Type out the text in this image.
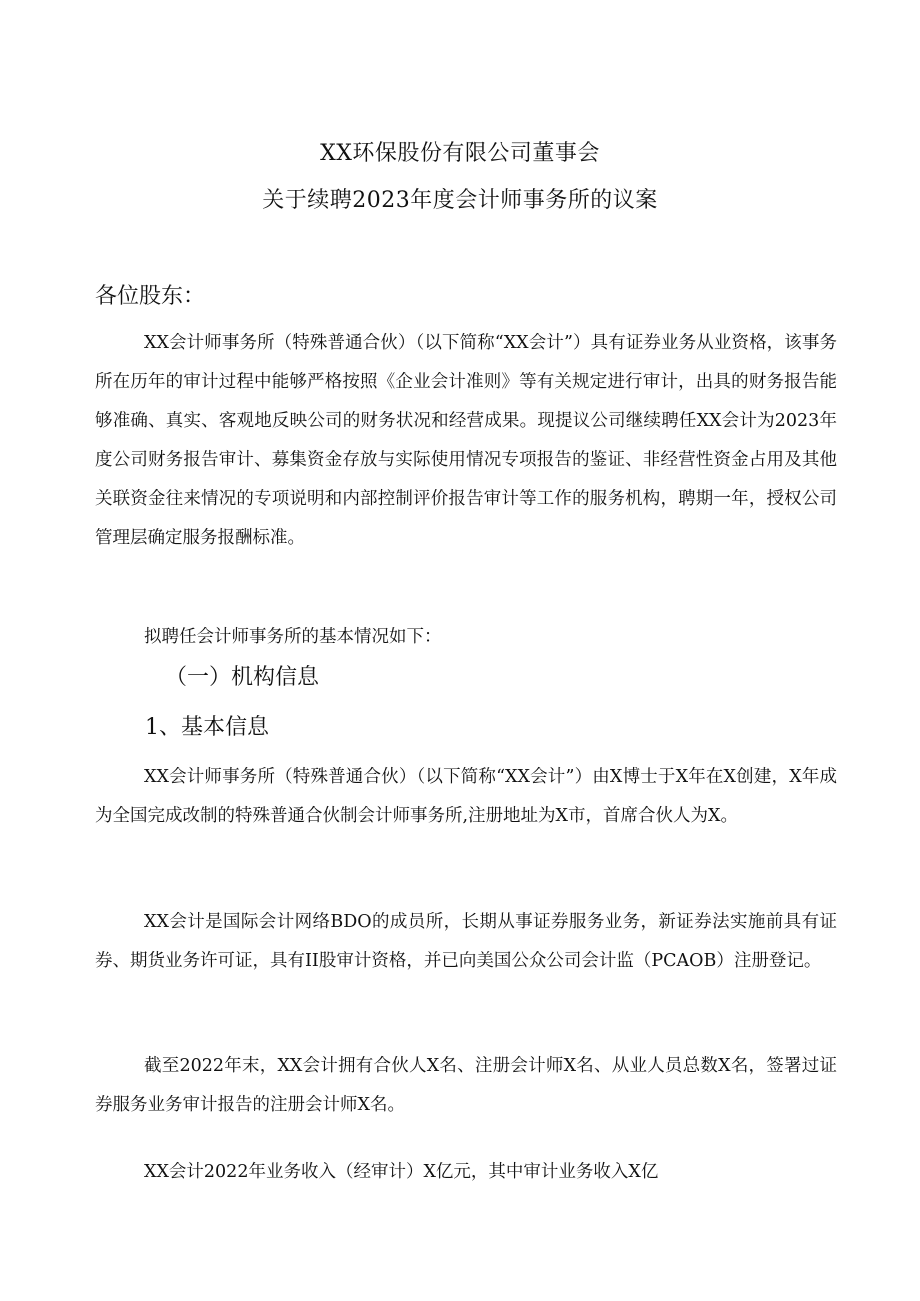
XX环保股份有限公司董事会
关于续聘2023年度会计师事务所的议案
各位股东：

XX会计师事务所（特殊普通合伙）（以下简称“XX会计”）具有证券业务从业资格，该事务所在历年的审计过程中能够严格按照《企业会计准则》等有关规定进行审计，出具的财务报告能够准确、真实、客观地反映公司的财务状况和经营成果。现提议公司继续聘任XX会计为2023年度公司财务报告审计、募集资金存放与实际使用情况专项报告的鉴证、非经营性资金占用及其他关联资金往来情况的专项说明和内部控制评价报告审计等工作的服务机构，聘期一年，授权公司管理层确定服务报酬标准。

拟聘任会计师事务所的基本情况如下：

（一）机构信息
1、基本信息

XX会计师事务所（特殊普通合伙）（以下简称“XX会计”）由X博士于X年在X创建，X年成为全国完成改制的特殊普通合伙制会计师事务所,注册地址为X市，首席合伙人为X。

XX会计是国际会计网络BDO的成员所，长期从事证券服务业务，新证券法实施前具有证券、期货业务许可证，具有II股审计资格，并已向美国公众公司会计监（PCAOB）注册登记。

截至2022年末，XX会计拥有合伙人X名、注册会计师X名、从业人员总数X名，签署过证券服务业务审计报告的注册会计师X名。

XX会计2022年业务收入（经审计）X亿元，其中审计业务收入X亿
